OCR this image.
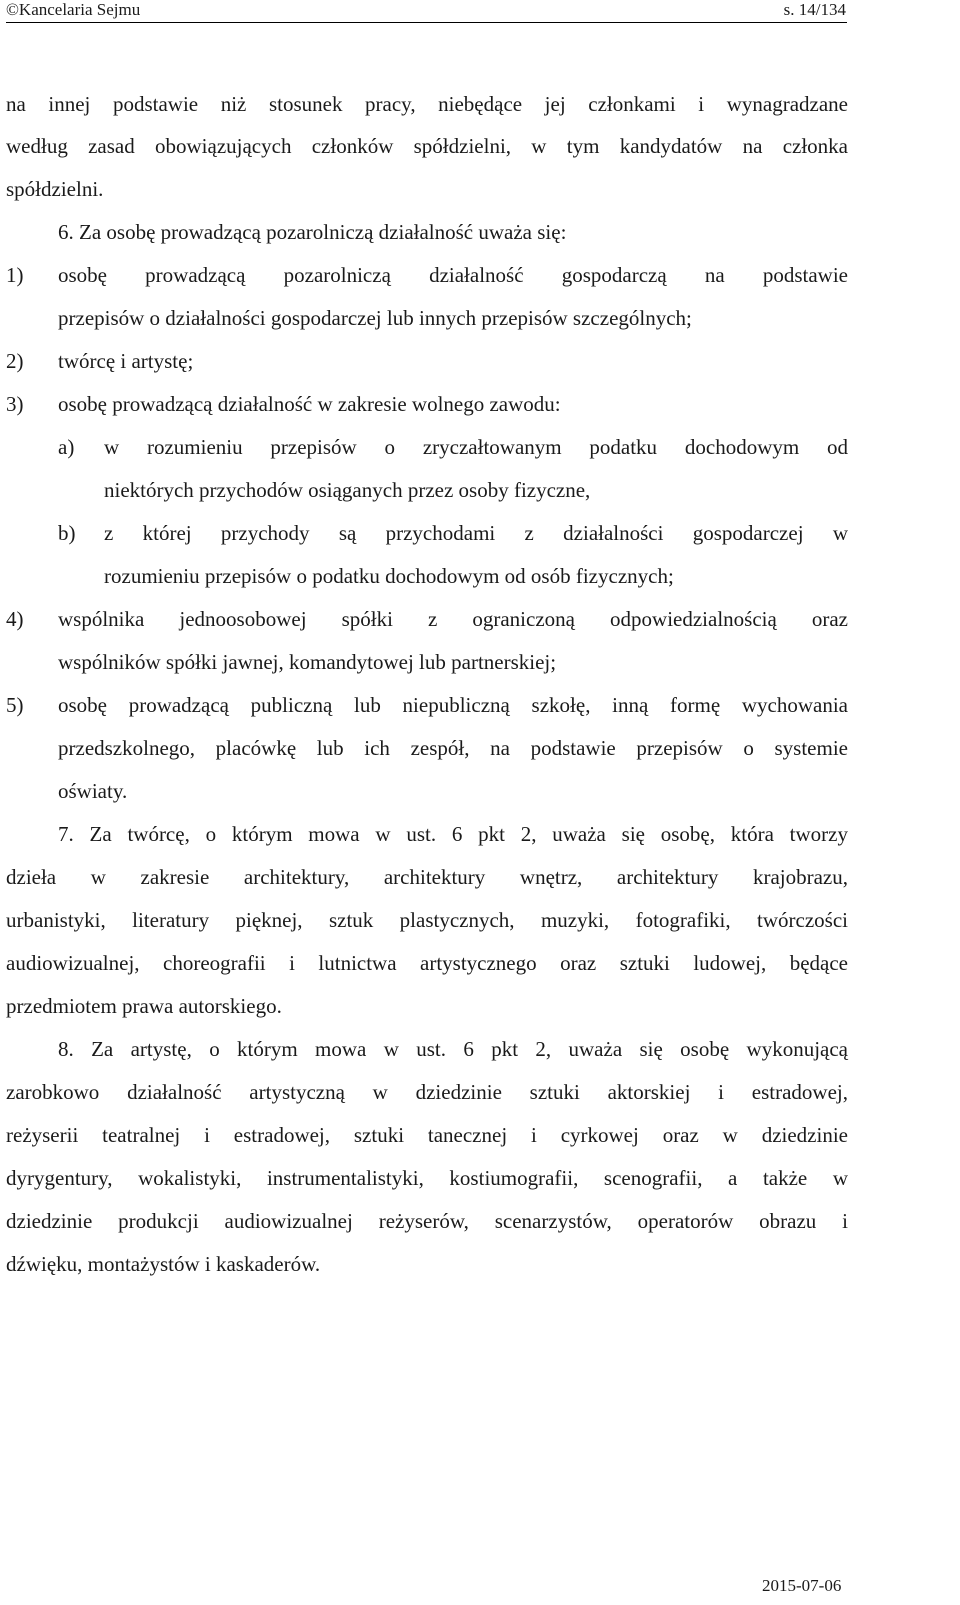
©Kancelaria Sejmu	s. 14/134
na innej podstawie niż stosunek pracy, niebędące jej członkami i wynagradzane
według zasad obowiązujących członków spółdzielni, w tym kandydatów na członka
spółdzielni.
6. Za osobę prowadzącą pozarolniczą działalność uważa się:
1) osobę prowadzącą pozarolniczą działalność gospodarczą na podstawie
przepisów o działalności gospodarczej lub innych przepisów szczególnych;
2) twórcę i artystę;
3) osobę prowadzącą działalność w zakresie wolnego zawodu:
a) w rozumieniu przepisów o zryczałtowanym podatku dochodowym od
niektórych przychodów osiąganych przez osoby fizyczne,
b) z której przychody są przychodami z działalności gospodarczej w
rozumieniu przepisów o podatku dochodowym od osób fizycznych;
4) wspólnika jednoosobowej spółki z ograniczoną odpowiedzialnością oraz
wspólników spółki jawnej, komandytowej lub partnerskiej;
5) osobę prowadzącą publiczną lub niepubliczną szkołę, inną formę wychowania
przedszkolnego, placówkę lub ich zespół, na podstawie przepisów o systemie
oświaty.
7. Za twórcę, o którym mowa w ust. 6 pkt 2, uważa się osobę, która tworzy
dzieła w zakresie architektury, architektury wnętrz, architektury krajobrazu,
urbanistyki, literatury pięknej, sztuk plastycznych, muzyki, fotografiki, twórczości
audiowizualnej, choreografii i lutnictwa artystycznego oraz sztuki ludowej, będące
przedmiotem prawa autorskiego.
8. Za artystę, o którym mowa w ust. 6 pkt 2, uważa się osobę wykonującą
zarobkowo działalność artystyczną w dziedzinie sztuki aktorskiej i estradowej,
reżyserii teatralnej i estradowej, sztuki tanecznej i cyrkowej oraz w dziedzinie
dyrygentury, wokalistyki, instrumentalistyki, kostiumografii, scenografii, a także w
dziedzinie produkcji audiowizualnej reżyserów, scenarzystów, operatorów obrazu i
dźwięku, montażystów i kaskaderów.
2015-07-06
